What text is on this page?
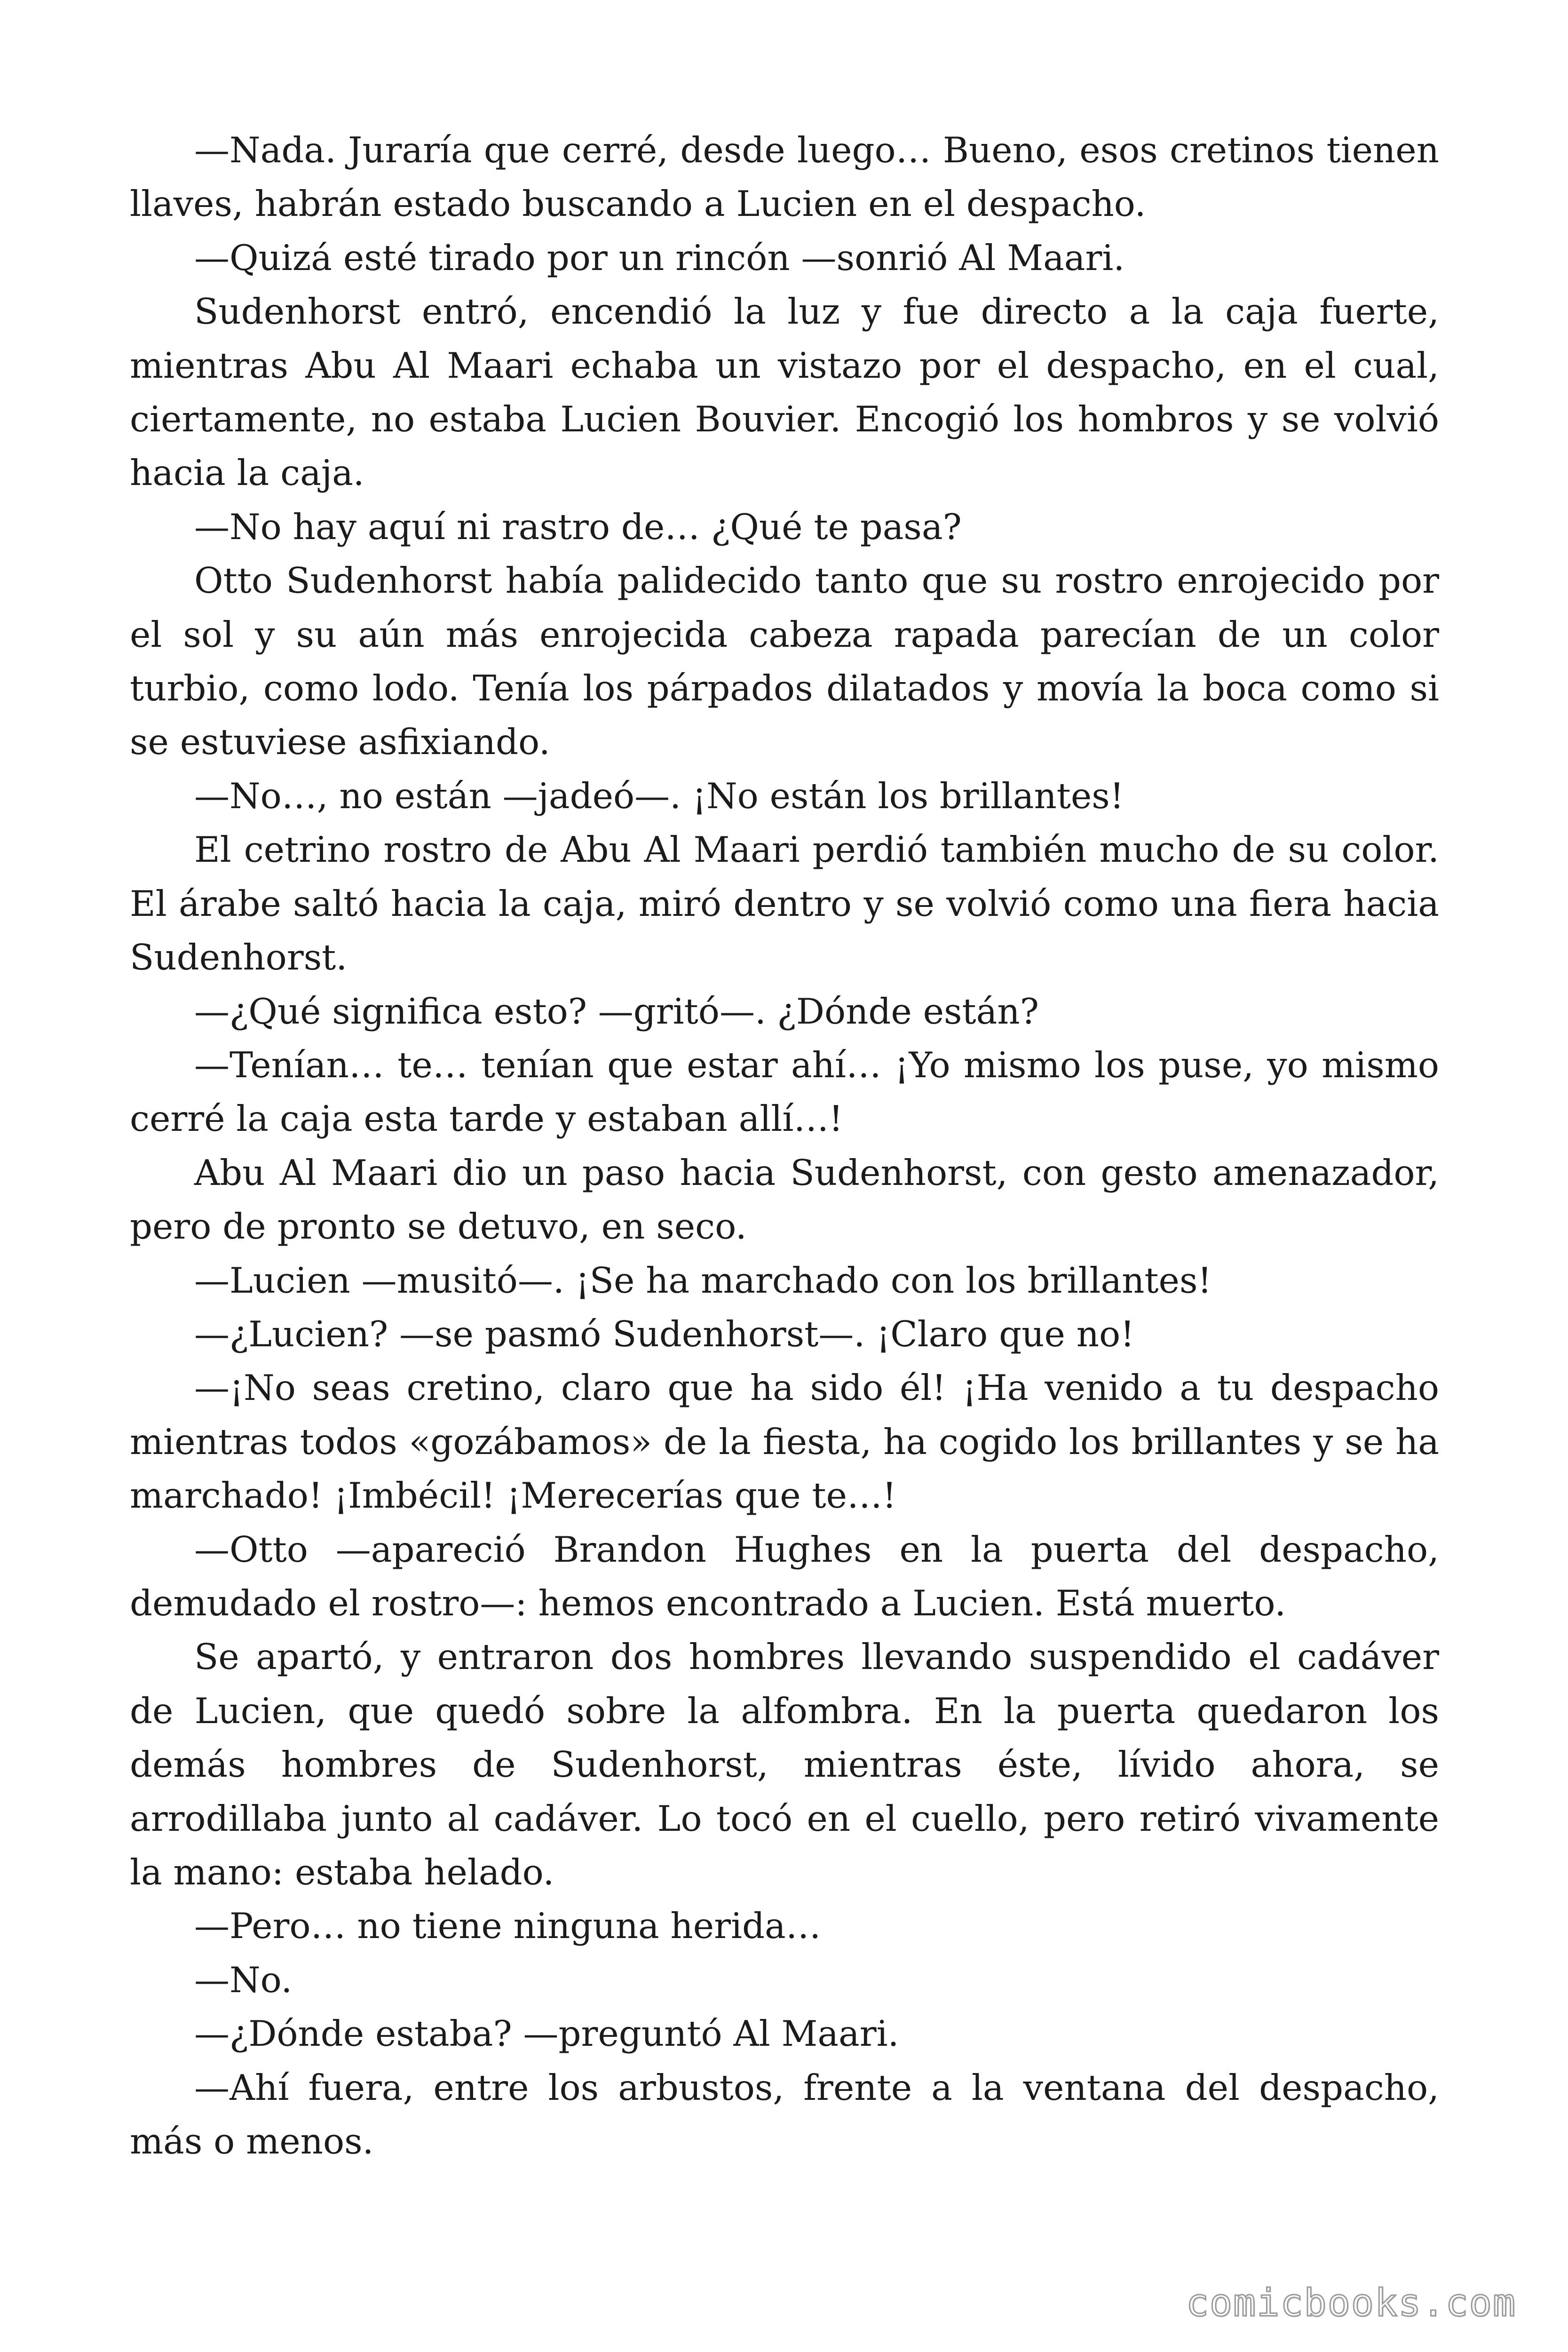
—Nada. Juraría que cerré, desde luego… Bueno, esos cretinos tienen llaves, habrán estado buscando a Lucien en el despacho.

—Quizá esté tirado por un rincón —sonrió Al Maari.

Sudenhorst entró, encendió la luz y fue directo a la caja fuerte, mientras Abu Al Maari echaba un vistazo por el despacho, en el cual, ciertamente, no estaba Lucien Bouvier. Encogió los hombros y se volvió hacia la caja.

—No hay aquí ni rastro de… ¿Qué te pasa?

Otto Sudenhorst había palidecido tanto que su rostro enrojecido por el sol y su aún más enrojecida cabeza rapada parecían de un color turbio, como lodo. Tenía los párpados dilatados y movía la boca como si se estuviese asfixiando.

—No…, no están —jadeó—. ¡No están los brillantes!

El cetrino rostro de Abu Al Maari perdió también mucho de su color. El árabe saltó hacia la caja, miró dentro y se volvió como una fiera hacia Sudenhorst.

—¿Qué significa esto? —gritó—. ¿Dónde están?

—Tenían… te… tenían que estar ahí… ¡Yo mismo los puse, yo mismo cerré la caja esta tarde y estaban allí…!

Abu Al Maari dio un paso hacia Sudenhorst, con gesto amenazador, pero de pronto se detuvo, en seco.

—Lucien —musitó—. ¡Se ha marchado con los brillantes!

—¿Lucien? —se pasmó Sudenhorst—. ¡Claro que no!

—¡No seas cretino, claro que ha sido él! ¡Ha venido a tu despacho mientras todos «gozábamos» de la fiesta, ha cogido los brillantes y se ha marchado! ¡Imbécil! ¡Merecerías que te…!

—Otto —apareció Brandon Hughes en la puerta del despacho, demudado el rostro—: hemos encontrado a Lucien. Está muerto.

Se apartó, y entraron dos hombres llevando suspendido el cadáver de Lucien, que quedó sobre la alfombra. En la puerta quedaron los demás hombres de Sudenhorst, mientras éste, lívido ahora, se arrodillaba junto al cadáver. Lo tocó en el cuello, pero retiró vivamente la mano: estaba helado.

—Pero… no tiene ninguna herida…

—No.

—¿Dónde estaba? —preguntó Al Maari.

—Ahí fuera, entre los arbustos, frente a la ventana del despacho, más o menos.

comicbooks.com
